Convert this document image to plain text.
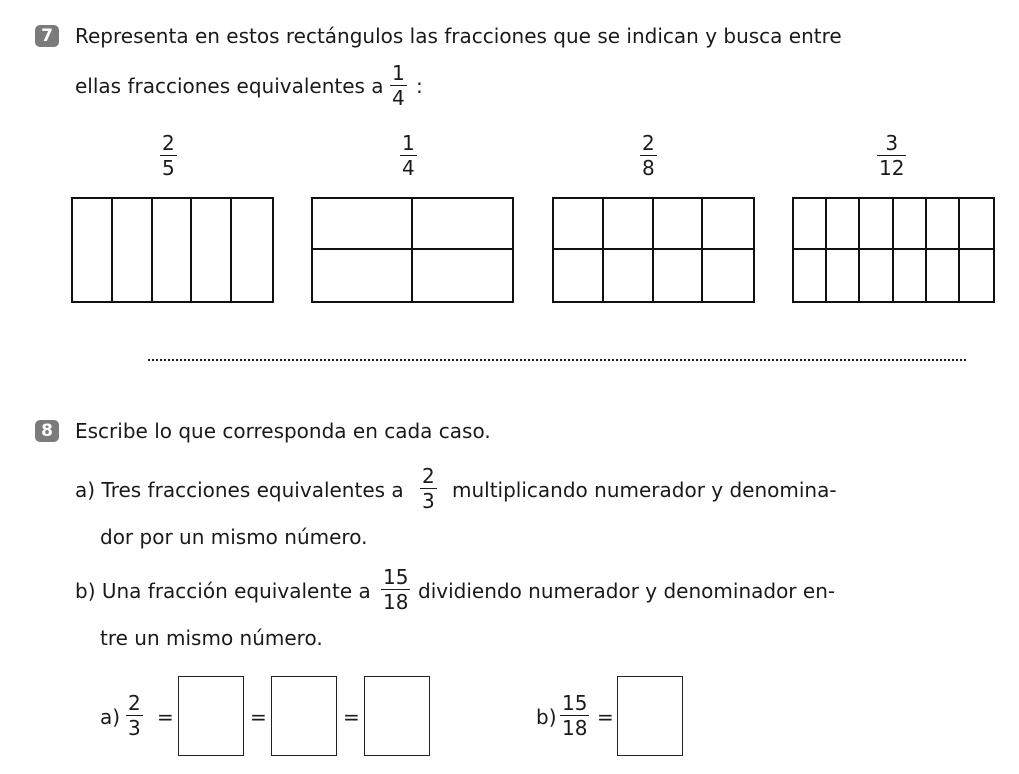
7	Representa en estos rectángulos las fracciones que se indican y busca entre
ellas fracciones equivalentes a
1
4 :
2
5
1
4
2
8
3
12
8	Escribe lo que corresponda en cada caso.
a) Tres fracciones equivalentes a
2
3 multiplicando numerador y denomina-
dor por un mismo número.
b) Una fracción equivalente a
15
18 dividiendo numerador y denominador en-
tre un mismo número.
a)
2
3 =	=	=	b)
15
18 =
